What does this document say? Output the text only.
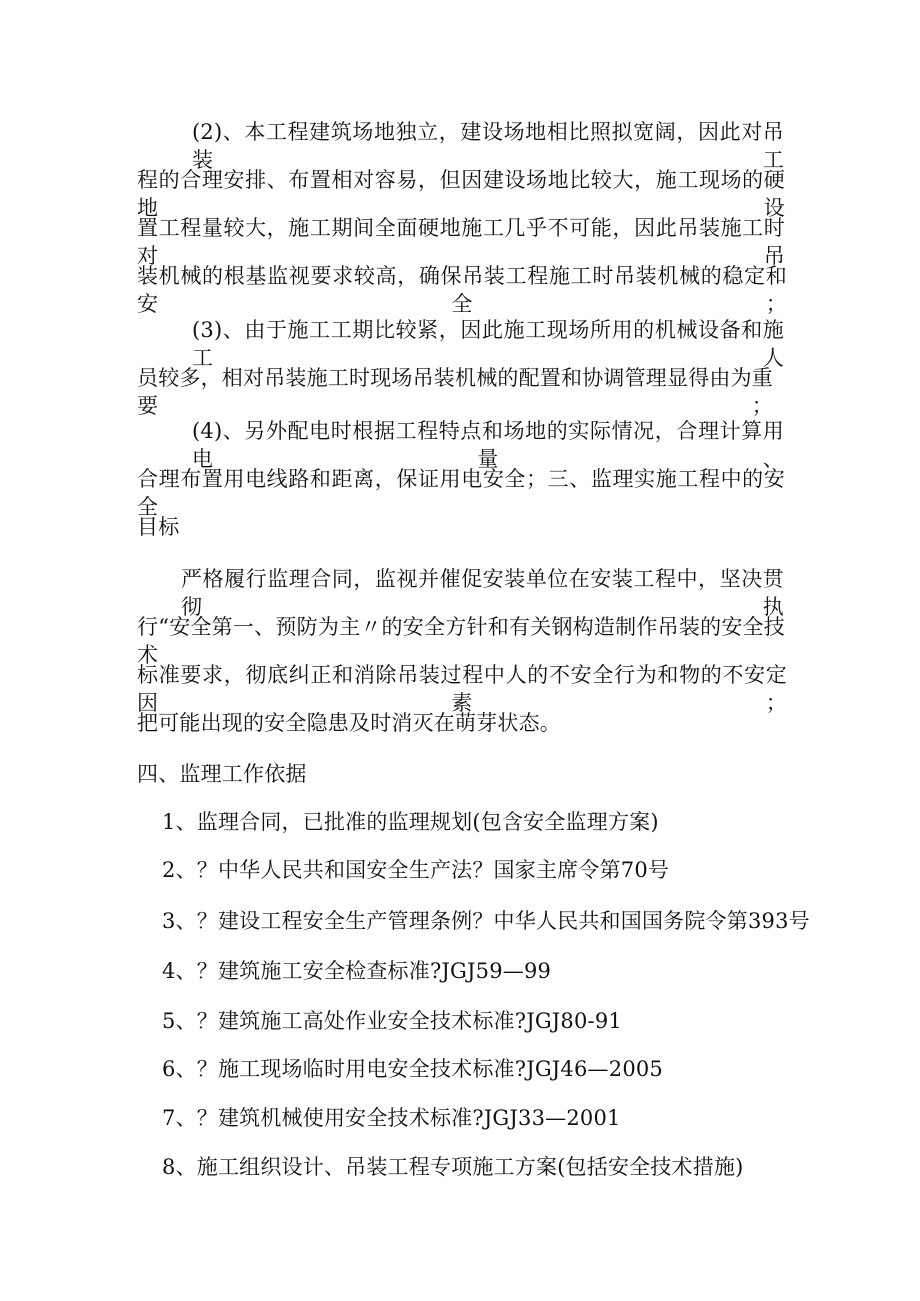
(2)、本工程建筑场地独立，建设场地相比照拟宽阔，因此对吊装工
程的合理安排、布置相对容易，但因建设场地比较大，施工现场的硬地设
置工程量较大，施工期间全面硬地施工几乎不可能，因此吊装施工时对吊
装机械的根基监视要求较高，确保吊装工程施工时吊装机械的稳定和安全；
(3)、由于施工工期比较紧，因此施工现场所用的机械设备和施工人
员较多，相对吊装施工时现场吊装机械的配置和协调管理显得由为重要；
(4)、另外配电时根据工程特点和场地的实际情况，合理计算用电量、
合理布置用电线路和距离，保证用电安全；三、监理实施工程中的安全
目标
严格履行监理合同，监视并催促安装单位在安装工程中，坚决贯彻执
行“安全第一、预防为主〃的安全方针和有关钢构造制作吊装的安全技术
标准要求，彻底纠正和消除吊装过程中人的不安全行为和物的不安定因素；
把可能出现的安全隐患及时消灭在萌芽状态。
四、监理工作依据
1、监理合同，已批准的监理规划(包含安全监理方案)
2、？中华人民共和国安全生产法？国家主席令第70号
3、？建设工程安全生产管理条例？中华人民共和国国务院令第393号
4、？建筑施工安全检查标准?JGJ59—99
5、？建筑施工高处作业安全技术标准?JGJ80-91
6、？施工现场临时用电安全技术标准?JGJ46—2005
7、？建筑机械使用安全技术标准?JGJ33—2001
8、施工组织设计、吊装工程专项施工方案(包括安全技术措施)
